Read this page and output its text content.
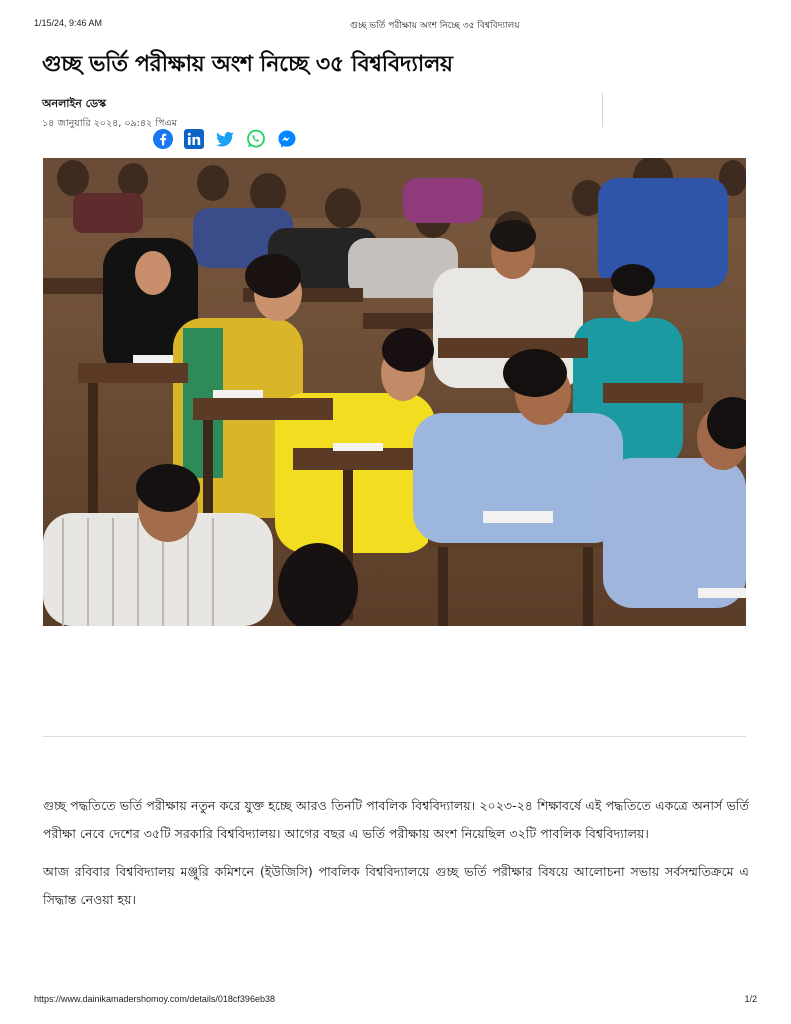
1/15/24, 9:46 AM	গুচ্ছ ভর্তি পরীক্ষায় অংশ নিচ্ছে ৩৫ বিশ্ববিদ্যালয়
গুচ্ছ ভর্তি পরীক্ষায় অংশ নিচ্ছে ৩৫ বিশ্ববিদ্যালয়
অনলাইন ডেস্ক
১৪ জানুয়ারি ২০২৪, ০৯:৪২ পিএম

গুচ্ছ পদ্ধতিতে ভর্তি পরীক্ষায় নতুন করে যুক্ত হচ্ছে আরও তিনটি পাবলিক বিশ্ববিদ্যালয়। ২০২৩-২৪ শিক্ষাবর্ষে এই পদ্ধতিতে একত্রে অনার্স ভর্তি পরীক্ষা নেবে দেশের ৩৫টি সরকারি বিশ্ববিদ্যালয়। আগের বছর এ ভর্তি পরীক্ষায় অংশ নিয়েছিল ৩২টি পাবলিক বিশ্ববিদ্যালয়।

আজ রবিবার বিশ্ববিদ্যালয় মঞ্জুরি কমিশনে (ইউজিসি) পাবলিক বিশ্ববিদ্যালয়ে গুচ্ছ ভর্তি পরীক্ষার বিষয়ে আলোচনা সভায় সর্বসম্মতিক্রমে এ সিদ্ধান্ত নেওয়া হয়।

https://www.dainikamadershomoy.com/details/018cf396eb38	1/2
